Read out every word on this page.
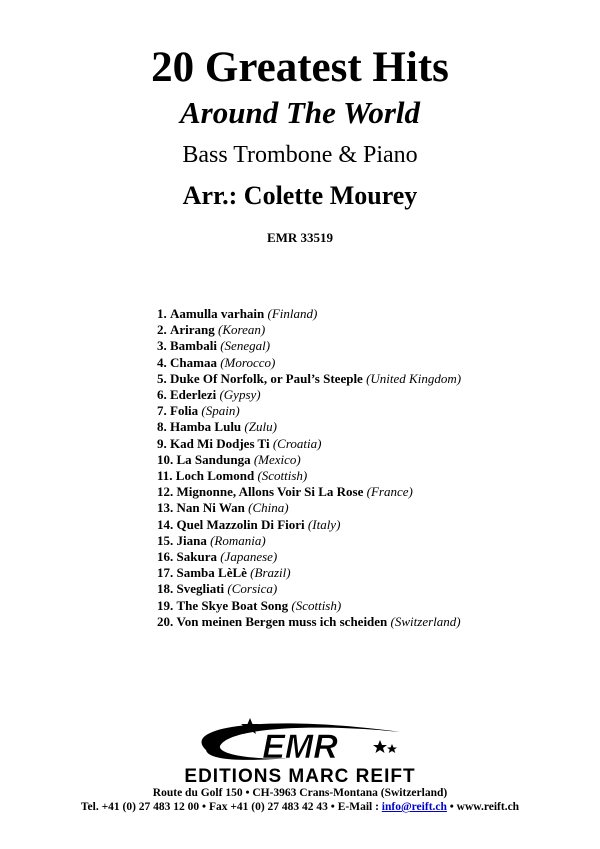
20 Greatest Hits
Around The World
Bass Trombone & Piano
Arr.: Colette Mourey
EMR 33519
1. Aamulla varhain (Finland)
2. Arirang (Korean)
3. Bambali (Senegal)
4. Chamaa (Morocco)
5. Duke Of Norfolk, or Paul’s Steeple (United Kingdom)
6. Ederlezi (Gypsy)
7. Folia (Spain)
8. Hamba Lulu (Zulu)
9. Kad Mi Dodjes Ti (Croatia)
10. La Sandunga (Mexico)
11. Loch Lomond (Scottish)
12. Mignonne, Allons Voir Si La Rose (France)
13. Nan Ni Wan (China)
14. Quel Mazzolin Di Fiori (Italy)
15. Jiana (Romania)
16. Sakura (Japanese)
17. Samba LèLè (Brazil)
18. Svegliati (Corsica)
19. The Skye Boat Song (Scottish)
20. Von meinen Bergen muss ich scheiden (Switzerland)
EMR
EDITIONS MARC REIFT
Route du Golf 150 • CH-3963 Crans-Montana (Switzerland)
Tel. +41 (0) 27 483 12 00 • Fax +41 (0) 27 483 42 43 • E-Mail : info@reift.ch • www.reift.ch
